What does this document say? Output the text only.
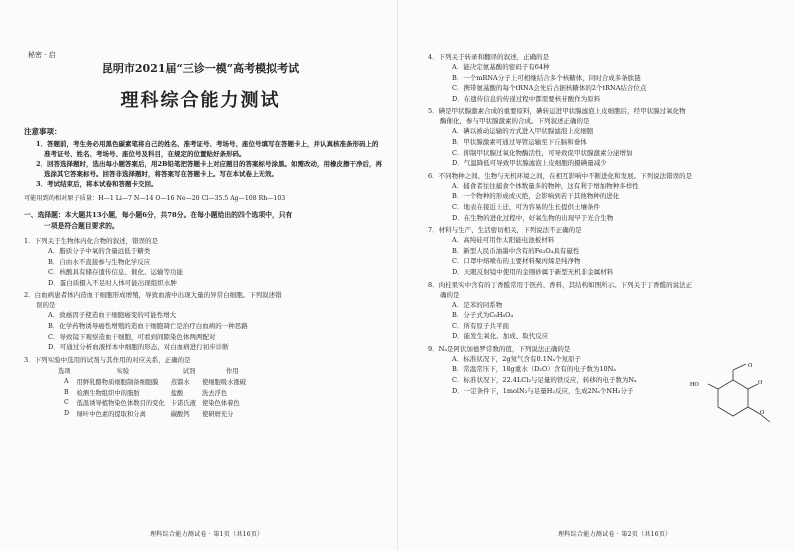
秘密 · 启
昆明市2021届“三诊一模”高考模拟考试
理科综合能力测试
注意事项：
1．答题前，考生务必用黑色碳素笔将自己的姓名、准考证号、考场号、座位号填写在答题卡上，并认真核准条形码上的准考证号、姓名、考场号、座位号及科目，在规定的位置贴好条形码。
2．回答选择题时，选出每小题答案后，用2B铅笔把答题卡上对应题目的答案标号涂黑。如需改动，用橡皮擦干净后，再选涂其它答案标号。回答非选择题时，将答案写在答题卡上。写在本试卷上无效。
3．考试结束后，将本试卷和答题卡交回。
可能用到的相对原子质量：H—1 Li—7 N—14 O—16 Ne—20 Cl—35.5 Ag—108 Rh—103
一、选择题：本大题共13小题，每小题6分，共78分。在每小题给出的四个选项中，只有
一项是符合题目要求的。
1．下列关于生物体内化合物的叙述，错误的是
A．脂质分子中氧的含量远低于糖类
B．自由水不直接参与生物化学反应
C．核酸具有储存遗传信息、催化、运输等功能
D．蛋白质摄入不足时人体可能出现组织水肿
2．白血病患者体内造血干细胞形成增殖，导致血液中出现大量的异常白细胞。下列叙述错
误的是
A．致癌因子使造血干细胞癌变的可能性增大
B．化学药物诱导癌性增殖的造血干细胞凋亡是治疗白血病的一种思路
C．导致镜下观察造血干细胞，可看到间隙染色体两两配对
D．可通过分析血液样本中细胞的形态，对白血病进行初步诊断
3．下列实验中选用的试剂与其作用的对应关系，正确的是
选项	实验	试剂	作用
A	用鲜乳酪物质细胞制备细胞膜	蒸馏水	使细胞吸水涨破
B	检测生物组织中的脂肪	盐酸	洗去浮色
C	低温诱导植物染色体数目的变化	卡诺氏液	使染色体着色
D	绿叶中色素的提取和分离	碳酸钙	使研磨充分
理科综合能力测试卷 · 第1页（共16页）
4．下列关于转录和翻译的叙述，正确的是
A．能决定氨基酸的密码子有64种
B．一个mRNA分子上可相继结合多个核糖体，同时合成多条肽链
C．携带氨基酸的每个tRNA会先后占据核糖体的2个tRNA结合位点
D．在遗传信息的传递过程中都需要核苷酸作为原料
5．碘是甲状腺激素合成的重要原料，碘转运进甲状腺滤泡上皮细胞后，经甲状腺过氧化物
酶催化，参与甲状腺激素的合成。下列叙述正确的是
A．碘以被动运输的方式进入甲状腺滤泡上皮细胞
B．甲状腺激素可通过导管运输至下丘脑和垂体
C．抑制甲状腺过氧化物酶活性，可导致促甲状腺激素分泌增加
D．气温降低可导致甲状腺滤泡上皮细胞的摄碘量减少
6．不同物种之间、生物与无机环境之间，在相互影响中不断进化和发展。下列说法错误的是
A．捕食者往往捕食个体数量多的物种，这有利于增加物种多样性
B．一个物种的形成或灭绝，会影响到若干其他物种的进化
C．地表在接近上迁，可为容易的生长提供土壤条件
D．在生物的进化过程中，好氧生物的出现早于光合生物
7．材料与生产、生活密切相关，下列说法不正确的是
A．高纯硅可用作太阳能电池板材料
B．新型人民币油墨中含有的Fe₃O₄具有磁性
C．口罩中熔喷布的主要材料聚丙烯是纯净物
D．天眼反射镜中使用的金刚砂属于新型无机非金属材料
8．肉桂果实中含有的丁香醛常用于医药、香料，其结构如图所示。下列关于丁香醛的说法正
确的是
A．是苯的同系物
B．分子式为C₈H₈O₄
C．所有原子共平面
D．能发生氧化、加成、取代反应
9．Nₐ是阿伏加德罗常数的值，下列说法正确的是
A．标准状况下，2g氖气含有0.1Nₐ个氖原子
B．常温常压下，18g重水（D₂O）含有的电子数为10Nₐ
C．标准状况下，22.4LCl₂与足量的铁反应，转移的电子数为Nₐ
D．一定条件下，1molN₂与足量H₂反应，生成2Nₐ个NH₃分子
HO
O
O
O
理科综合能力测试卷 · 第2页（共16页）
